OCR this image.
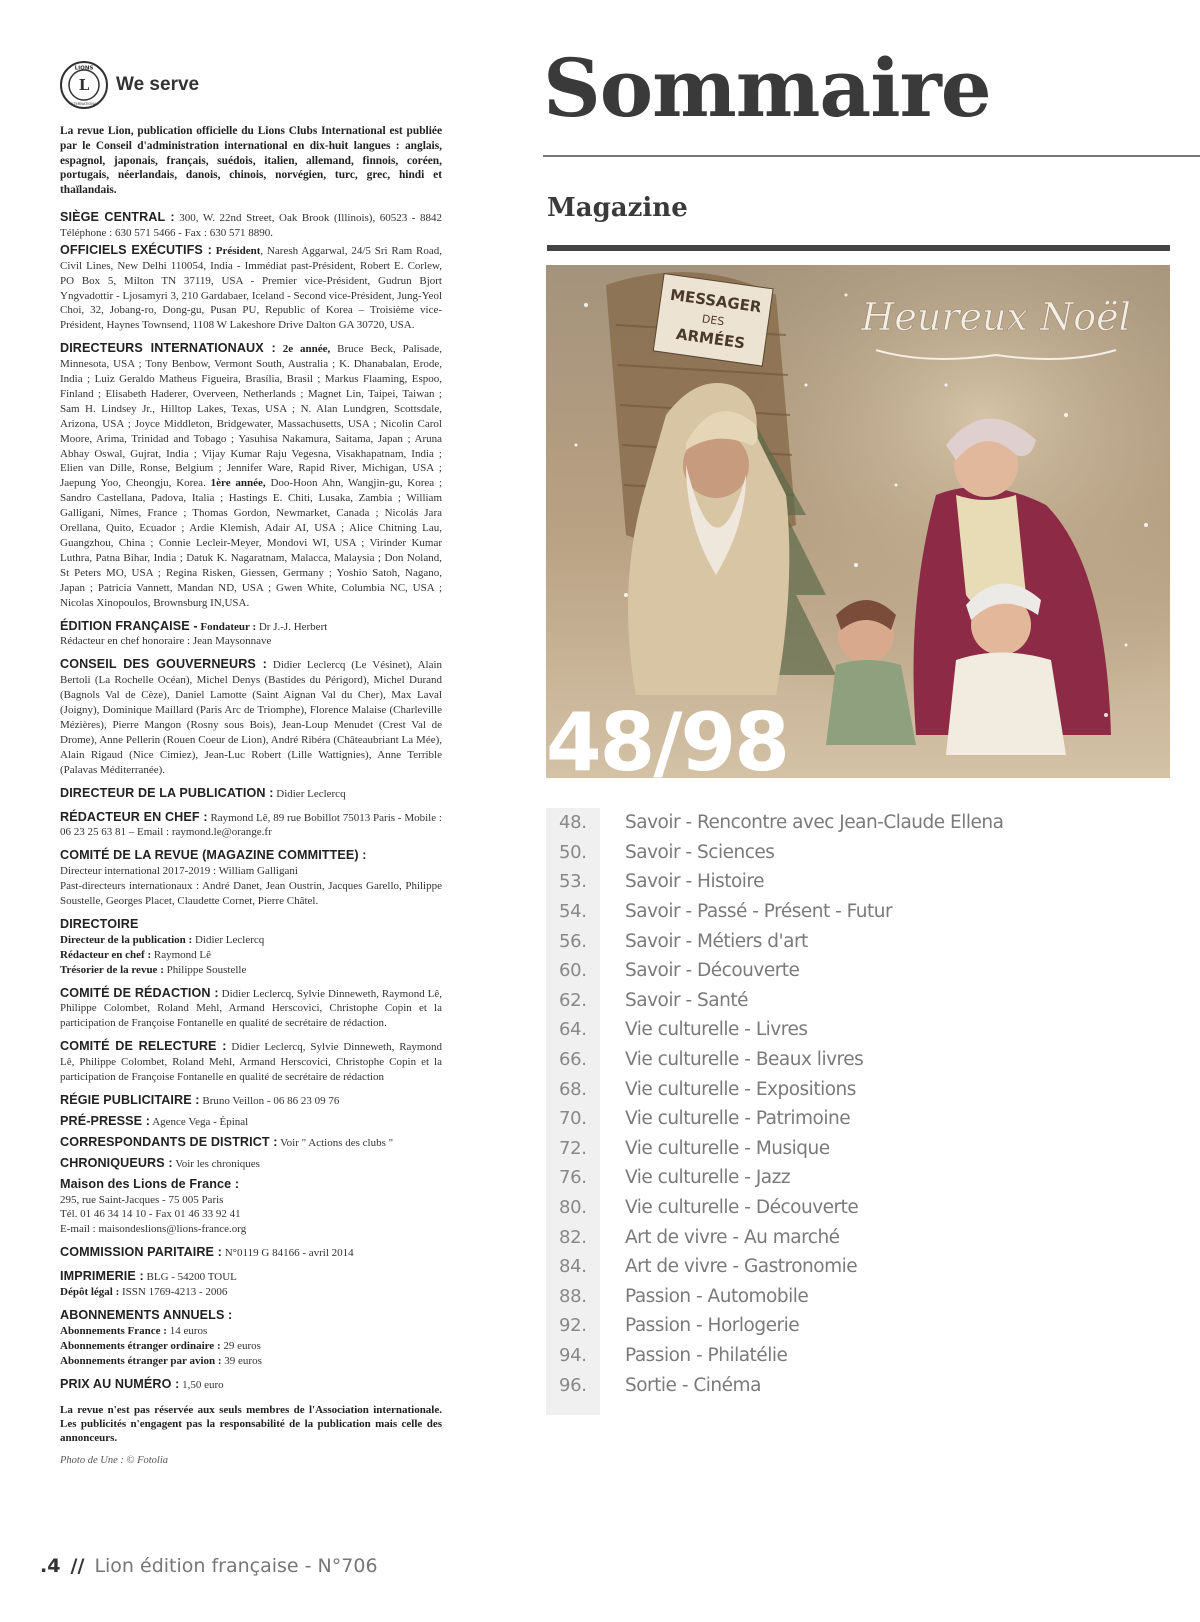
L
LIONS
INTERNATIONAL
We serve

La revue Lion, publication officielle du Lions Clubs International est publiée par le Conseil d'administration international en dix-huit langues : anglais, espagnol, japonais, français, suédois, italien, allemand, finnois, coréen, portugais, néerlandais, danois, chinois, norvégien, turc, grec, hindi et thaïlandais.

SIÈGE CENTRAL : 300, W. 22nd Street, Oak Brook (Illinois), 60523 - 8842 Téléphone : 630 571 5466 - Fax : 630 571 8890.

OFFICIELS EXÉCUTIFS : Président, Naresh Aggarwal, 24/5 Sri Ram Road, Civil Lines, New Delhi 110054, India - Immédiat past-Président, Robert E. Corlew, PO Box 5, Milton TN 37119, USA - Premier vice-Président, Gudrun Bjort Yngvadottir - Ljosamyri 3, 210 Gardabaer, Iceland - Second vice-Président, Jung-Yeol Choi, 32, Jobang-ro, Dong-gu, Pusan PU, Republic of Korea – Troisième vice-Président, Haynes Townsend, 1108 W Lakeshore Drive Dalton GA 30720, USA.

DIRECTEURS INTERNATIONAUX : 2e année, Bruce Beck, Palisade, Minnesota, USA ; Tony Benbow, Vermont South, Australia ; K. Dhanabalan, Erode, India ; Luiz Geraldo Matheus Figueira, Brasília, Brasil ; Markus Flaaming, Espoo, Finland ; Elisabeth Haderer, Overveen, Netherlands ; Magnet Lin, Taipei, Taiwan ; Sam H. Lindsey Jr., Hilltop Lakes, Texas, USA ; N. Alan Lundgren, Scottsdale, Arizona, USA ; Joyce Middleton, Bridgewater, Massachusetts, USA ; Nicolin Carol Moore, Arima, Trinidad and Tobago ; Yasuhisa Nakamura, Saitama, Japan ; Aruna Abhay Oswal, Gujrat, India ; Vijay Kumar Raju Vegesna, Visakhapatnam, India ; Elien van Dille, Ronse, Belgium ; Jennifer Ware, Rapid River, Michigan, USA ; Jaepung Yoo, Cheongju, Korea. 1ère année, Doo-Hoon Ahn, Wangjin-gu, Korea ; Sandro Castellana, Padova, Italia ; Hastings E. Chiti, Lusaka, Zambia ; William Galligani, Nîmes, France ; Thomas Gordon, Newmarket, Canada ; Nicolás Jara Orellana, Quito, Ecuador ; Ardie Klemish, Adair AI, USA ; Alice Chitning Lau, Guangzhou, China ; Connie Lecleir-Meyer, Mondovi WI, USA ; Virinder Kumar Luthra, Patna Bihar, India ; Datuk K. Nagaratnam, Malacca, Malaysia ; Don Noland, St Peters MO, USA ; Regina Risken, Giessen, Germany ; Yoshio Satoh, Nagano, Japan ; Patricia Vannett, Mandan ND, USA ; Gwen White, Columbia NC, USA ; Nicolas Xinopoulos, Brownsburg IN,USA.

ÉDITION FRANÇAISE - Fondateur : Dr J.-J. Herbert
Rédacteur en chef honoraire : Jean Maysonnave

CONSEIL DES GOUVERNEURS : Didier Leclercq (Le Vésinet), Alain Bertoli (La Rochelle Océan), Michel Denys (Bastides du Périgord), Michel Durand (Bagnols Val de Cèze), Daniel Lamotte (Saint Aignan Val du Cher), Max Laval (Joigny), Dominique Maillard (Paris Arc de Triomphe), Florence Malaise (Charleville Mézières), Pierre Mangon (Rosny sous Bois), Jean-Loup Menudet (Crest Val de Drome), Anne Pellerin (Rouen Coeur de Lion), André Ribéra (Châteaubriant La Mée), Alain Rigaud (Nice Cimiez), Jean-Luc Robert (Lille Wattignies), Anne Terrible (Palavas Méditerranée).

DIRECTEUR DE LA PUBLICATION : Didier Leclercq

RÉDACTEUR EN CHEF : Raymond Lê, 89 rue Bobillot 75013 Paris - Mobile : 06 23 25 63 81 – Email : raymond.le@orange.fr

COMITÉ DE LA REVUE (MAGAZINE COMMITTEE) :
Directeur international 2017-2019 : William Galligani
Past-directeurs internationaux : André Danet, Jean Oustrin, Jacques Garello, Philippe Soustelle, Georges Placet, Claudette Cornet, Pierre Châtel.

DIRECTOIRE
Directeur de la publication : Didier Leclercq
Rédacteur en chef : Raymond Lê
Trésorier de la revue : Philippe Soustelle

COMITÉ DE RÉDACTION : Didier Leclercq, Sylvie Dinneweth, Raymond Lê, Philippe Colombet, Roland Mehl, Armand Herscovici, Christophe Copin et la participation de Françoise Fontanelle en qualité de secrétaire de rédaction.

COMITÉ DE RELECTURE : Didier Leclercq, Sylvie Dinneweth, Raymond Lê, Philippe Colombet, Roland Mehl, Armand Herscovici, Christophe Copin et la participation de Françoise Fontanelle en qualité de secrétaire de rédaction

RÉGIE PUBLICITAIRE : Bruno Veillon - 06 86 23 09 76

PRÉ-PRESSE : Agence Vega - Épinal

CORRESPONDANTS DE DISTRICT : Voir " Actions des clubs "

CHRONIQUEURS : Voir les chroniques

Maison des Lions de France :
295, rue Saint-Jacques - 75 005 Paris
Tél. 01 46 34 14 10 - Fax 01 46 33 92 41
E-mail : maisondeslions@lions-france.org

COMMISSION PARITAIRE : N°0119 G 84166 - avril 2014

IMPRIMERIE : BLG - 54200 TOUL
Dépôt légal : ISSN 1769-4213 - 2006

ABONNEMENTS ANNUELS :
Abonnements France : 14 euros
Abonnements étranger ordinaire : 29 euros
Abonnements étranger par avion : 39 euros

PRIX AU NUMÉRO : 1,50 euro

La revue n'est pas réservée aux seuls membres de l'Association internationale. Les publicités n'engagent pas la responsabilité de la publication mais celle des annonceurs.

Photo de Une : © Fotolia

Sommaire
Magazine
MESSAGER
DES
ARMÉES	Heureux Noël
48/98
48.	Savoir - Rencontre avec Jean-Claude Ellena
50.	Savoir - Sciences
53.	Savoir - Histoire
54.	Savoir - Passé - Présent - Futur
56.	Savoir - Métiers d'art
60.	Savoir - Découverte
62.	Savoir - Santé
64.	Vie culturelle - Livres
66.	Vie culturelle - Beaux livres
68.	Vie culturelle - Expositions
70.	Vie culturelle - Patrimoine
72.	Vie culturelle - Musique
76.	Vie culturelle - Jazz
80.	Vie culturelle - Découverte
82.	Art de vivre - Au marché
84.	Art de vivre - Gastronomie
88.	Passion - Automobile
92.	Passion - Horlogerie
94.	Passion - Philatélie
96.	Sortie - Cinéma
.4 // Lion édition française - N°706
